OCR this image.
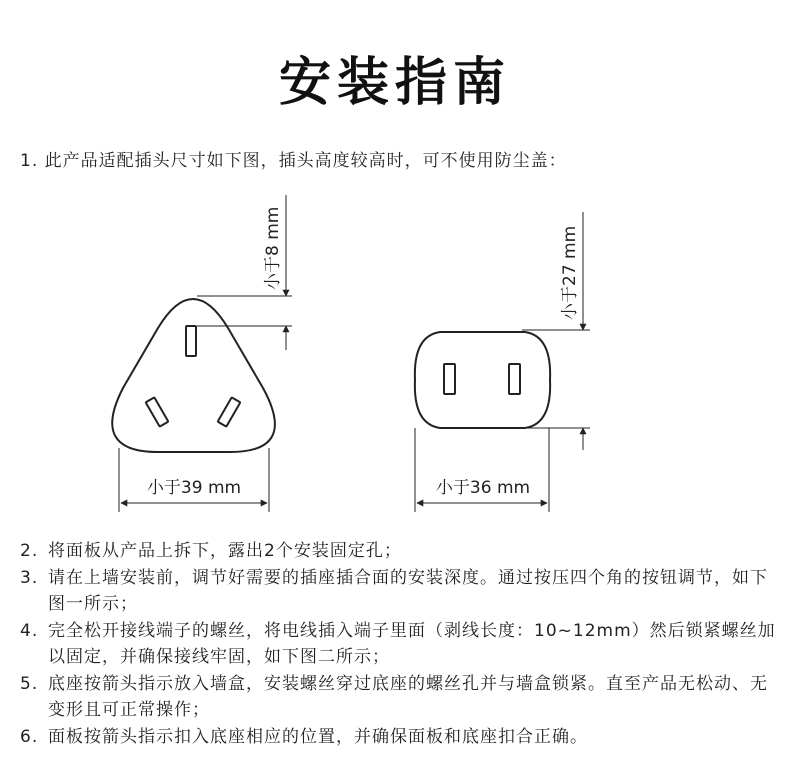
安装指南
1. 此产品适配插头尺寸如下图，插头高度较高时，可不使用防尘盖：
小于8 mm
小于39 mm
小于27 mm
小于36 mm
2. 将面板从产品上拆下，露出2个安装固定孔；
3. 请在上墙安装前，调节好需要的插座插合面的安装深度。通过按压四个角的按钮调节，如下图一所示；
4. 完全松开接线端子的螺丝，将电线插入端子里面（剥线长度：10~12mm）然后锁紧螺丝加以固定，并确保接线牢固，如下图二所示；
5. 底座按箭头指示放入墙盒，安装螺丝穿过底座的螺丝孔并与墙盒锁紧。直至产品无松动、无变形且可正常操作；
6. 面板按箭头指示扣入底座相应的位置，并确保面板和底座扣合正确。
